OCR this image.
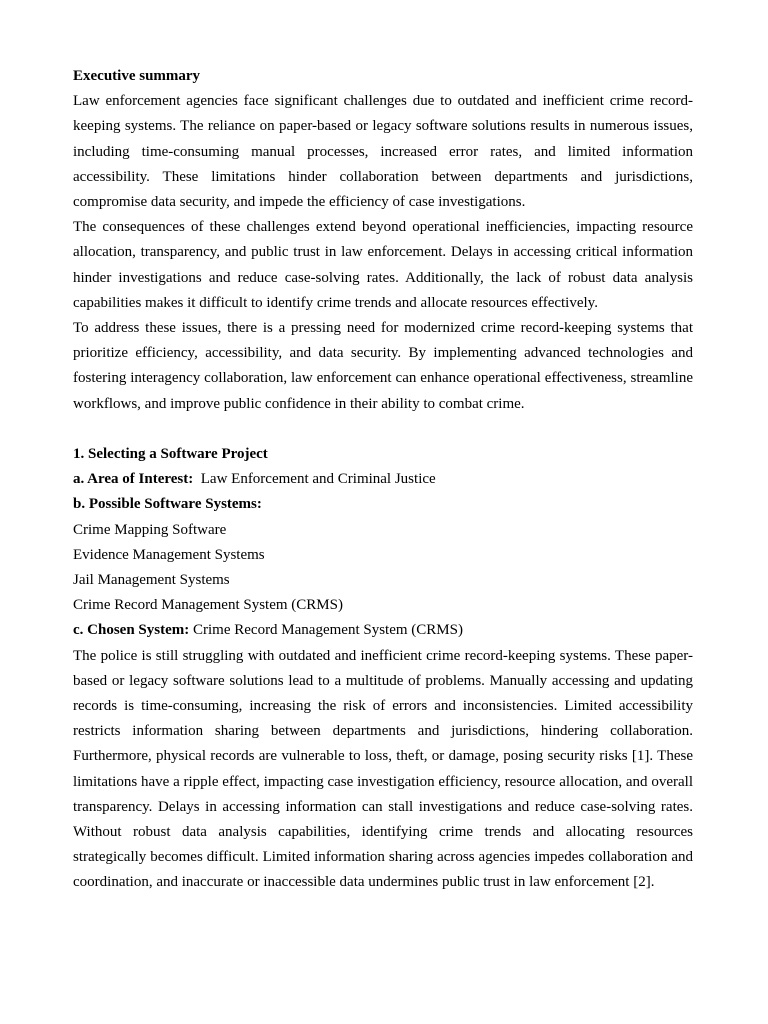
Executive summary

Law enforcement agencies face significant challenges due to outdated and inefficient crime record-keeping systems. The reliance on paper-based or legacy software solutions results in numerous issues, including time-consuming manual processes, increased error rates, and limited information accessibility. These limitations hinder collaboration between departments and jurisdictions, compromise data security, and impede the efficiency of case investigations.

The consequences of these challenges extend beyond operational inefficiencies, impacting resource allocation, transparency, and public trust in law enforcement. Delays in accessing critical information hinder investigations and reduce case-solving rates. Additionally, the lack of robust data analysis capabilities makes it difficult to identify crime trends and allocate resources effectively.

To address these issues, there is a pressing need for modernized crime record-keeping systems that prioritize efficiency, accessibility, and data security. By implementing advanced technologies and fostering interagency collaboration, law enforcement can enhance operational effectiveness, streamline workflows, and improve public confidence in their ability to combat crime.

1. Selecting a Software Project

a. Area of Interest: Law Enforcement and Criminal Justice

b. Possible Software Systems:

Crime Mapping Software

Evidence Management Systems

Jail Management Systems

Crime Record Management System (CRMS)

c. Chosen System: Crime Record Management System (CRMS)

The police is still struggling with outdated and inefficient crime record-keeping systems. These paper-based or legacy software solutions lead to a multitude of problems. Manually accessing and updating records is time-consuming, increasing the risk of errors and inconsistencies. Limited accessibility restricts information sharing between departments and jurisdictions, hindering collaboration. Furthermore, physical records are vulnerable to loss, theft, or damage, posing security risks [1]. These limitations have a ripple effect, impacting case investigation efficiency, resource allocation, and overall transparency. Delays in accessing information can stall investigations and reduce case-solving rates. Without robust data analysis capabilities, identifying crime trends and allocating resources strategically becomes difficult. Limited information sharing across agencies impedes collaboration and coordination, and inaccurate or inaccessible data undermines public trust in law enforcement [2].
